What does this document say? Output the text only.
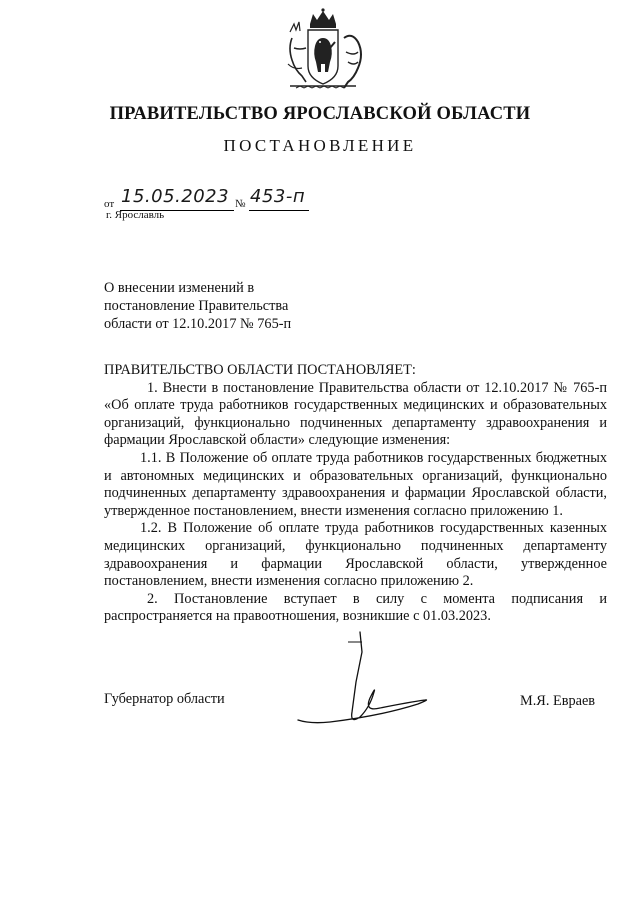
ПРАВИТЕЛЬСТВО ЯРОСЛАВСКОЙ ОБЛАСТИ
ПОСТАНОВЛЕНИЕ
от 15.05.2023 № 453-п
г. Ярославль
О внесении изменений в
постановление Правительства
области от 12.10.2017 № 765-п

ПРАВИТЕЛЬСТВО ОБЛАСТИ ПОСТАНОВЛЯЕТ:

1. Внести в постановление Правительства области от 12.10.2017 № 765-п «Об оплате труда работников государственных медицинских и образовательных организаций, функционально подчиненных департаменту здравоохранения и фармации Ярославской области» следующие изменения:

1.1. В Положение об оплате труда работников государственных бюджетных и автономных медицинских и образовательных организаций, функционально подчиненных департаменту здравоохранения и фармации Ярославской области, утвержденное постановлением, внести изменения согласно приложению 1.

1.2. В Положение об оплате труда работников государственных казенных медицинских организаций, функционально подчиненных департаменту здравоохранения и фармации Ярославской области, утвержденное постановлением, внести изменения согласно приложению 2.

2. Постановление вступает в силу с момента подписания и распространяется на правоотношения, возникшие с 01.03.2023.

Губернатор области	М.Я. Евраев
